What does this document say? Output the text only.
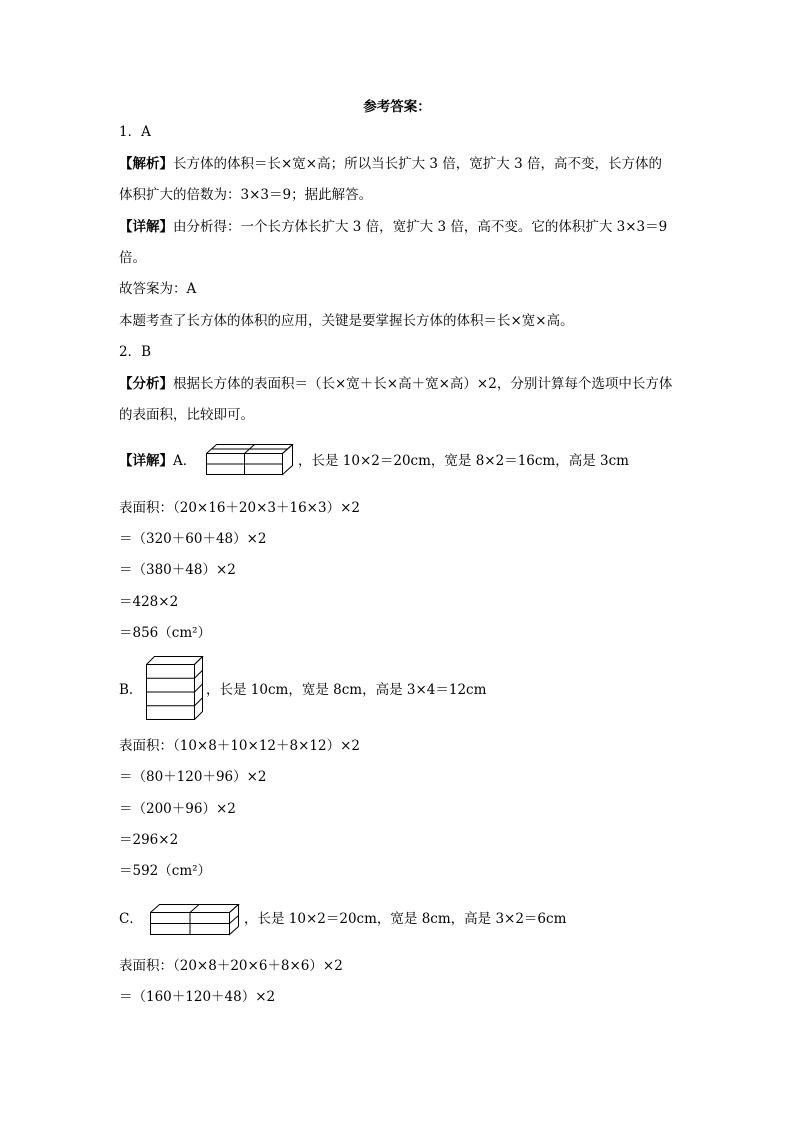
参考答案：
1．A
【解析】长方体的体积＝长×宽×高；所以当长扩大 3 倍，宽扩大 3 倍，高不变，长方体的
体积扩大的倍数为：3×3＝9；据此解答。
【详解】由分析得：一个长方体长扩大 3 倍，宽扩大 3 倍，高不变。它的体积扩大 3×3＝9
倍。
故答案为：A
本题考查了长方体的体积的应用，关键是要掌握长方体的体积＝长×宽×高。
2．B
【分析】根据长方体的表面积＝（长×宽＋长×高＋宽×高）×2，分别计算每个选项中长方体
的表面积，比较即可。
【详解】A．	，长是 10×2＝20cm，宽是 8×2＝16cm，高是 3cm
表面积：（20×16＋20×3＋16×3）×2
＝（320＋60＋48）×2
＝（380＋48）×2
＝428×2
＝856（cm²）
B．	，长是 10cm，宽是 8cm，高是 3×4＝12cm
表面积：（10×8＋10×12＋8×12）×2
＝（80＋120＋96）×2
＝（200＋96）×2
＝296×2
＝592（cm²）
C．	，长是 10×2＝20cm，宽是 8cm，高是 3×2＝6cm
表面积：（20×8＋20×6＋8×6）×2
＝（160＋120＋48）×2
